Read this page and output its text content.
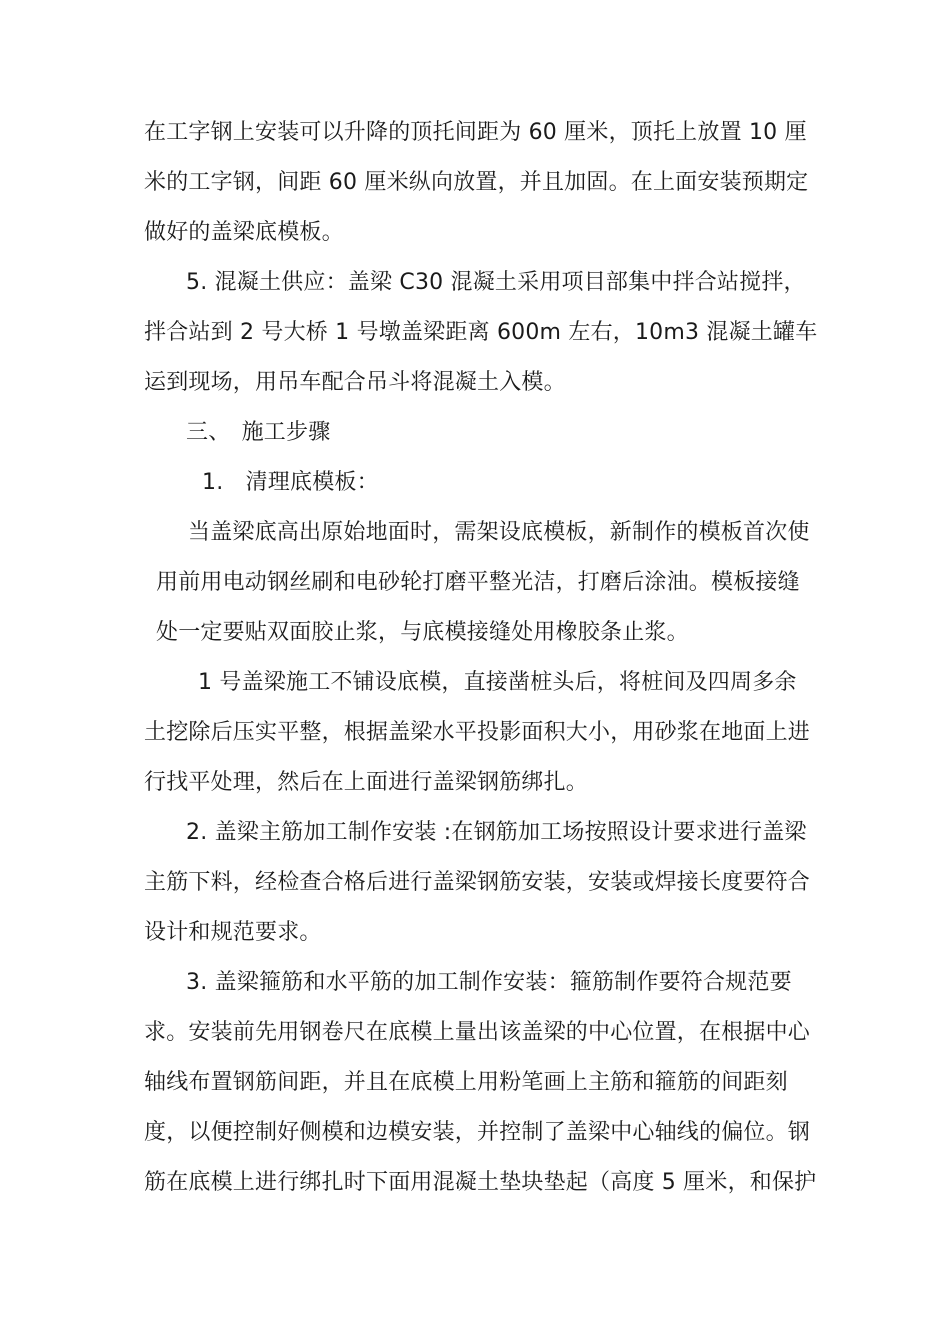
在工字钢上安装可以升降的顶托间距为 60 厘米，顶托上放置 10 厘
米的工字钢，间距 60 厘米纵向放置，并且加固。在上面安装预期定
做好的盖梁底模板。
5. 混凝土供应：盖梁 C30 混凝土采用项目部集中拌合站搅拌，
拌合站到 2 号大桥 1 号墩盖梁距离 600m 左右，10m3 混凝土罐车
运到现场，用吊车配合吊斗将混凝土入模。
三、　施工步骤
1.　清理底模板：
当盖梁底高出原始地面时，需架设底模板，新制作的模板首次使
用前用电动钢丝刷和电砂轮打磨平整光洁，打磨后涂油。模板接缝
处一定要贴双面胶止浆，与底模接缝处用橡胶条止浆。
1 号盖梁施工不铺设底模，直接凿桩头后，将桩间及四周多余
土挖除后压实平整，根据盖梁水平投影面积大小，用砂浆在地面上进
行找平处理，然后在上面进行盖梁钢筋绑扎。
2. 盖梁主筋加工制作安装 :在钢筋加工场按照设计要求进行盖梁
主筋下料，经检查合格后进行盖梁钢筋安装，安装或焊接长度要符合
设计和规范要求。
3. 盖梁箍筋和水平筋的加工制作安装：箍筋制作要符合规范要
求。安装前先用钢卷尺在底模上量出该盖梁的中心位置，在根据中心
轴线布置钢筋间距，并且在底模上用粉笔画上主筋和箍筋的间距刻
度，以便控制好侧模和边模安装，并控制了盖梁中心轴线的偏位。钢
筋在底模上进行绑扎时下面用混凝土垫块垫起（高度 5 厘米，和保护
